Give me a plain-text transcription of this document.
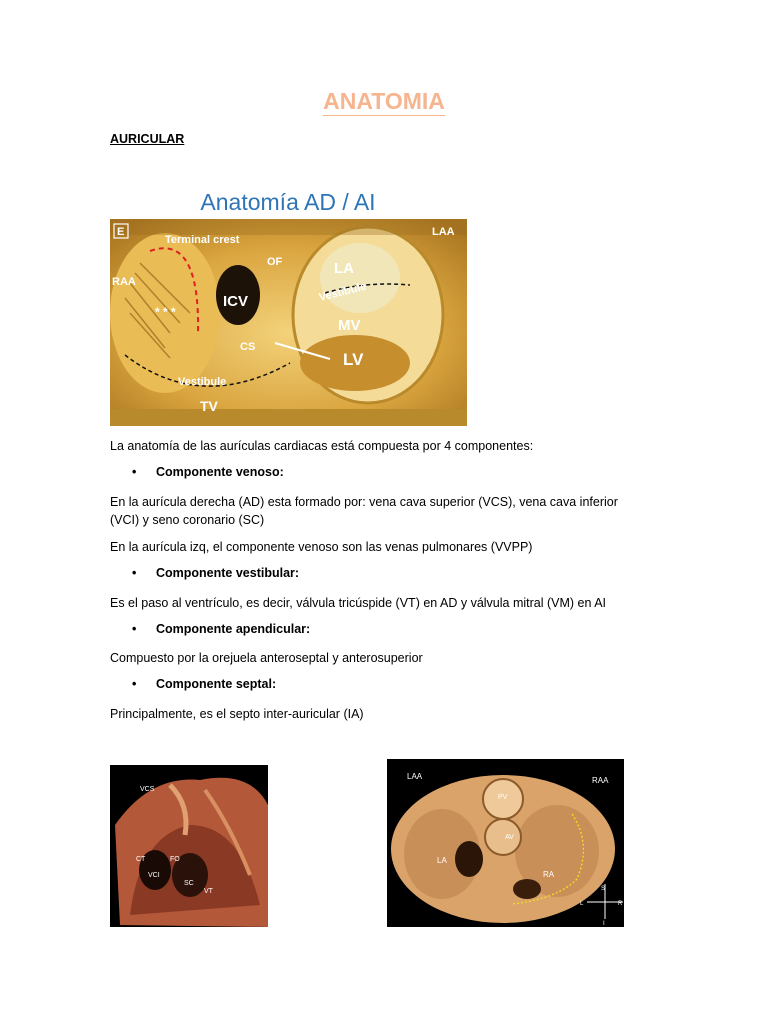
ANATOMIA
AURICULAR
Anatomía AD / AI
E
Terminal crest
LAA
OF
RAA
LA
Vestibule
ICV
* * *
MV
CS
LV
Vestibule
TV
La anatomía de las aurículas cardiacas está compuesta por 4 componentes:
• Componente venoso:
En la aurícula derecha (AD) esta formado por: vena cava superior (VCS), vena cava inferior (VCI) y seno coronario (SC)
En la aurícula izq, el componente venoso son las venas pulmonares (VVPP)
• Componente vestibular:
Es el paso al ventrículo, es decir, válvula tricúspide (VT) en AD y válvula mitral (VM) en AI
• Componente apendicular:
Compuesto por la orejuela anteroseptal y anterosuperior
• Componente septal:
Principalmente, es el septo inter-auricular (IA)
VCS
CT	FO
VCI
SC
VT
LAA	RAA
PV
AV
LA
RA
S
L	R
I
